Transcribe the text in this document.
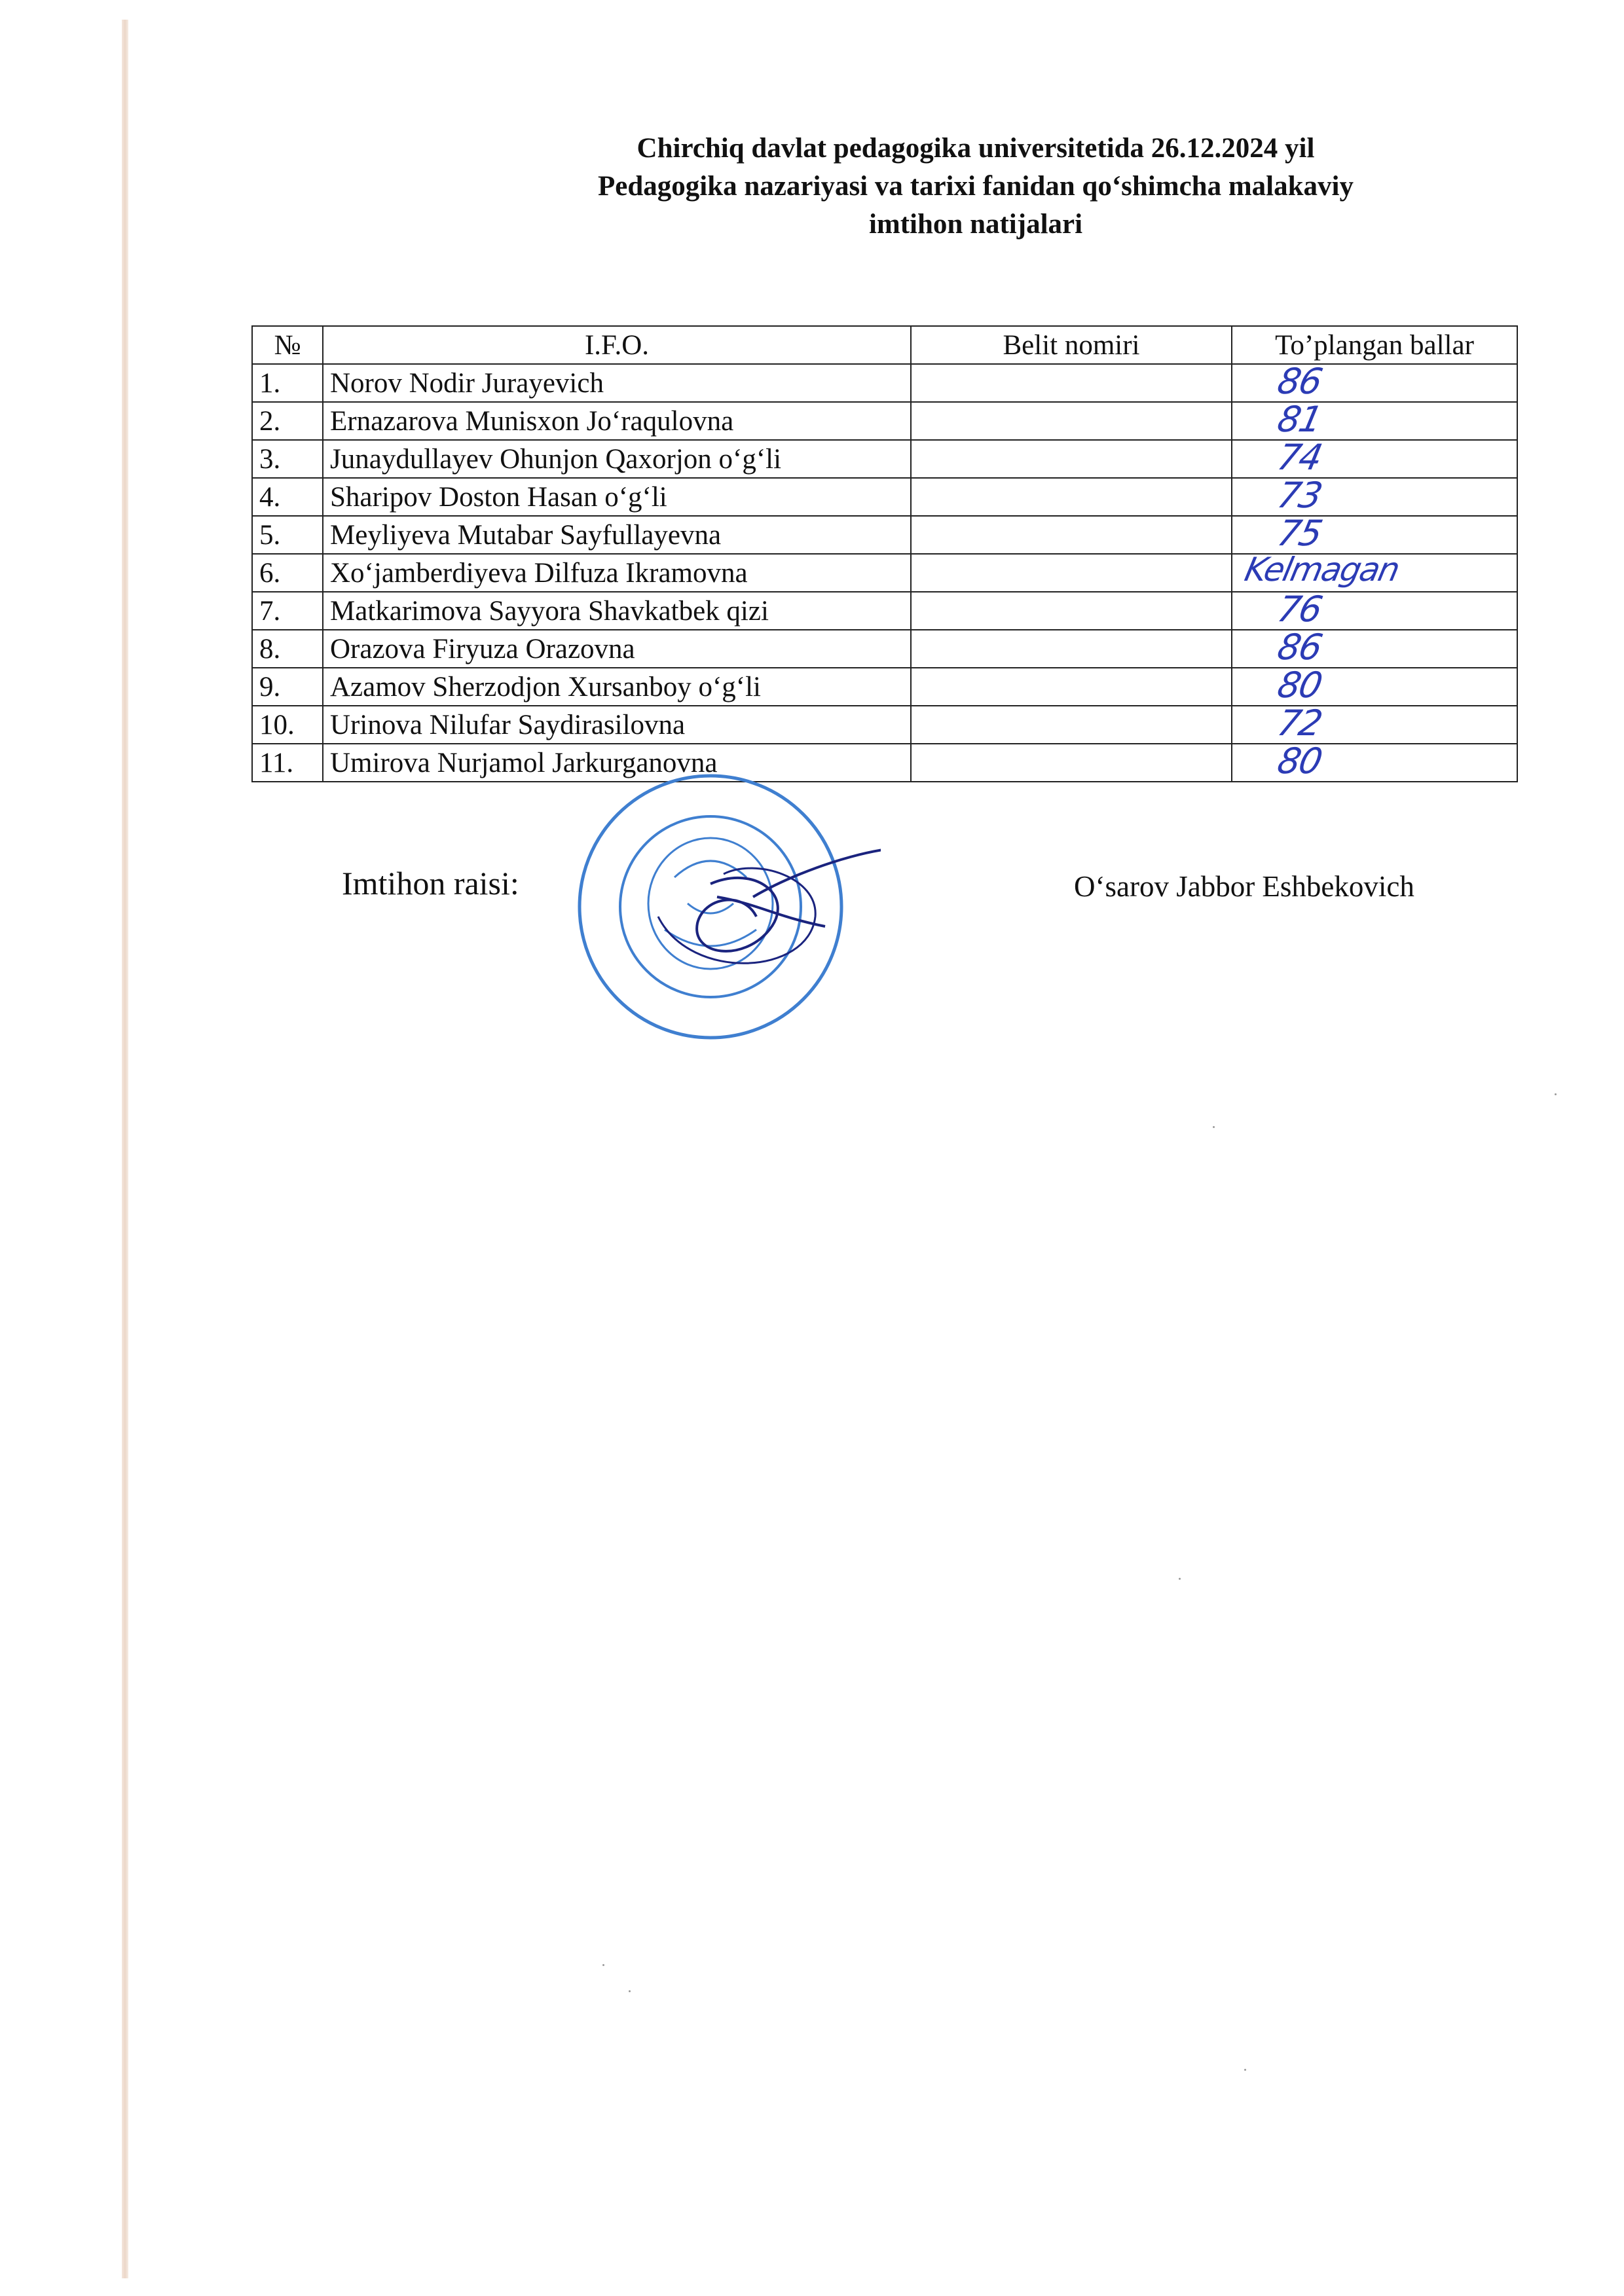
Chirchiq davlat pedagogika universitetida 26.12.2024 yil
Pedagogika nazariyasi va tarixi fanidan qo‘shimcha malakaviy
imtihon natijalari
№	I.F.O.	Belit nomiri	To’plangan ballar
1.	Norov Nodir Jurayevich		86

2.	Ernazarova Munisxon Jo‘raqulovna		81

3.	Junaydullayev Ohunjon Qaxorjon o‘g‘li		74

4.	Sharipov Doston Hasan o‘g‘li		73

5.	Meyliyeva Mutabar Sayfullayevna		75

6.	Xo‘jamberdiyeva Dilfuza Ikramovna		Kelmagan

7.	Matkarimova Sayyora Shavkatbek qizi		76

8.	Orazova Firyuza Orazovna		86

9.	Azamov Sherzodjon Xursanboy o‘g‘li		80

10.	Urinova Nilufar Saydirasilovna		72

11.	Umirova Nurjamol Jarkurganovna		80
Imtihon raisi:	O‘sarov Jabbor Eshbekovich
